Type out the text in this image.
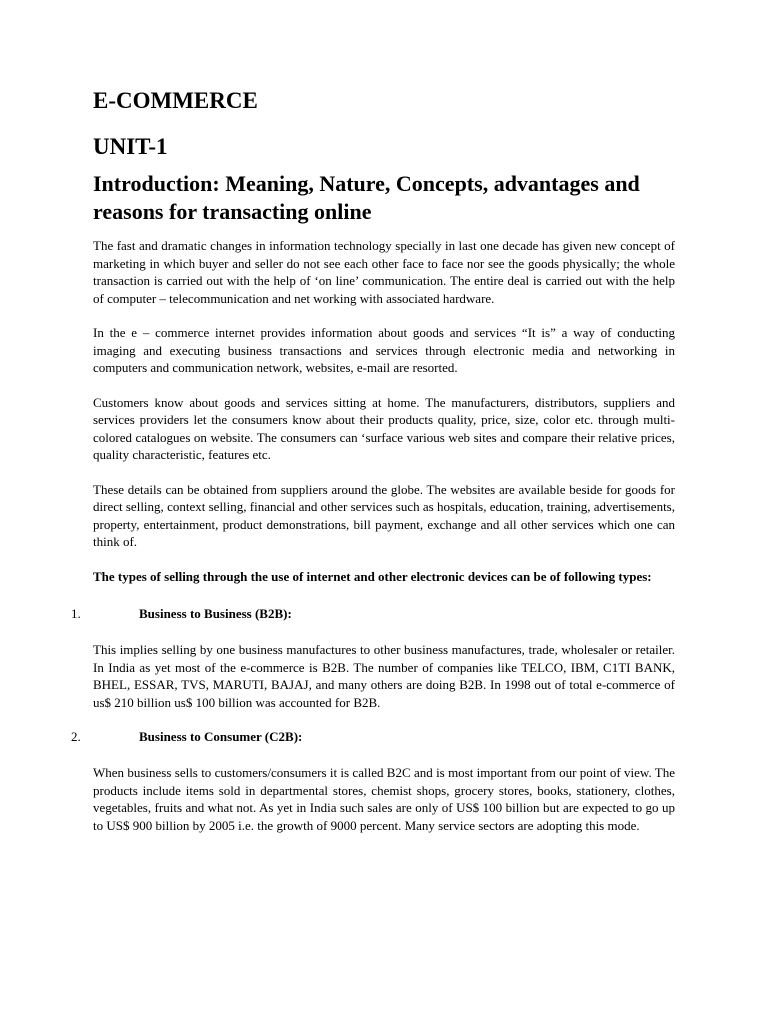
E-COMMERCE
UNIT-1
Introduction: Meaning, Nature, Concepts, advantages and reasons for transacting online

The fast and dramatic changes in information technology specially in last one decade has given new concept of marketing in which buyer and seller do not see each other face to face nor see the goods physically; the whole transaction is carried out with the help of ‘on line’ communication. The entire deal is carried out with the help of computer – telecommunication and net working with associated hardware.

In the e – commerce internet provides information about goods and services “It is” a way of conducting imaging and executing business transactions and services through electronic media and networking in computers and communication network, websites, e-mail are resorted.

Customers know about goods and services sitting at home. The manufacturers, distributors, suppliers and services providers let the consumers know about their products quality, price, size, color etc. through multi-colored catalogues on website. The consumers can ‘surface various web sites and compare their relative prices, quality characteristic, features etc.

These details can be obtained from suppliers around the globe. The websites are available beside for goods for direct selling, context selling, financial and other services such as hospitals, education, training, advertisements, property, entertainment, product demonstrations, bill payment, exchange and all other services which one can think of.

The types of selling through the use of internet and other electronic devices can be of following types:

1.	Business to Business (B2B):

This implies selling by one business manufactures to other business manufactures, trade, wholesaler or retailer. In India as yet most of the e-commerce is B2B. The number of companies like TELCO, IBM, C1TI BANK, BHEL, ESSAR, TVS, MARUTI, BAJAJ, and many others are doing B2B. In 1998 out of total e-commerce of us$ 210 billion us$ 100 billion was accounted for B2B.

2.	Business to Consumer (C2B):

When business sells to customers/consumers it is called B2C and is most important from our point of view. The products include items sold in departmental stores, chemist shops, grocery stores, books, stationery, clothes, vegetables, fruits and what not. As yet in India such sales are only of US$ 100 billion but are expected to go up to US$ 900 billion by 2005 i.e. the growth of 9000 percent. Many service sectors are adopting this mode.
